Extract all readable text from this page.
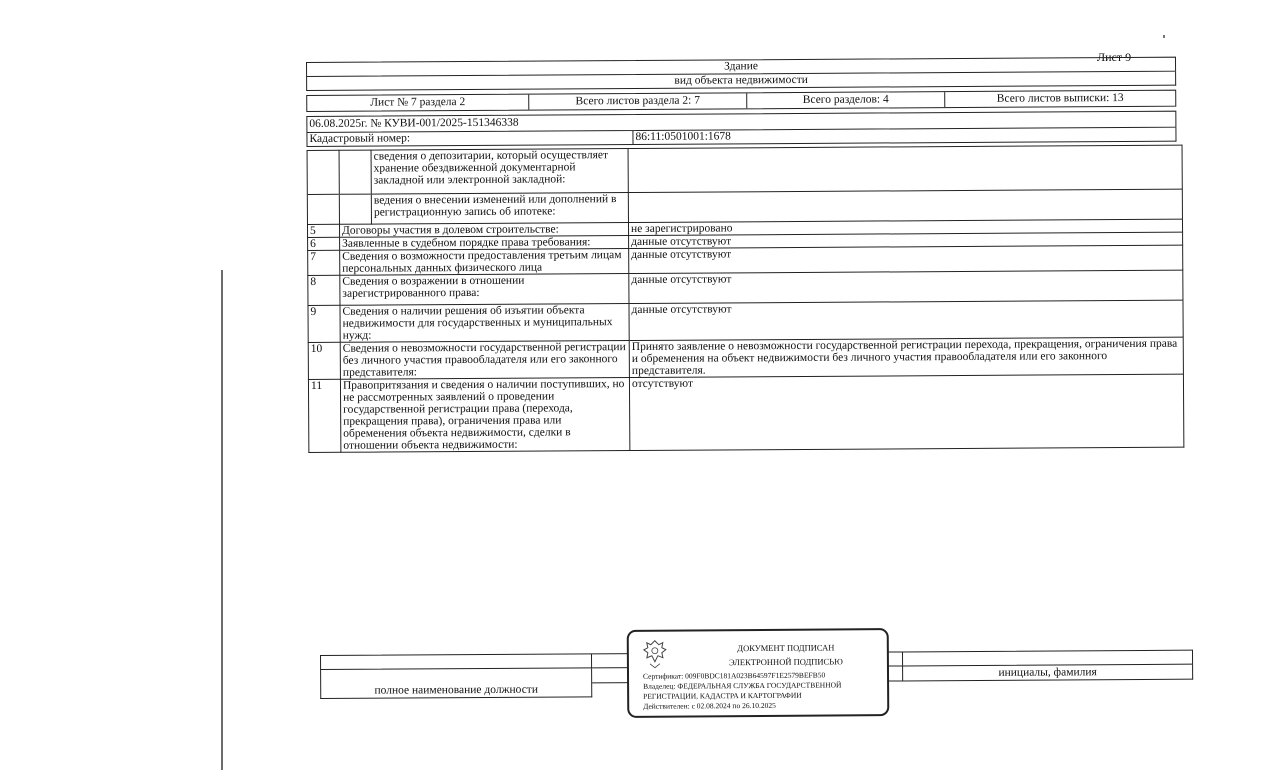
Лист 9
Здание
вид объекта недвижимости
Лист № 7 раздела 2	Всего листов раздела 2: 7	Всего разделов: 4	Всего листов выписки: 13
06.08.2025г. № КУВИ-001/2025-151346338
Кадастровый номер:	86:11:0501001:1678
		сведения о депозитарии, который осуществляет хранение обездвиженной документарной закладной или электронной закладной:	
		ведения о внесении изменений или дополнений в регистрационную запись об ипотеке:	
5	Договоры участия в долевом строительстве:		не зарегистрировано
6	Заявленные в судебном порядке права требования:		данные отсутствуют
7	Сведения о возможности предоставления третьим лицам персональных данных физического лица		данные отсутствуют
8	Сведения о возражении в отношении зарегистрированного права:		данные отсутствуют
9	Сведения о наличии решения об изъятии объекта недвижимости для государственных и муниципальных нужд:		данные отсутствуют
10	Сведения о невозможности государственной регистрации без личного участия правообладателя или его законного представителя:		Принято заявление о невозможности государственной регистрации перехода, прекращения, ограничения права и обременения на объект недвижимости без личного участия правообладателя или его законного представителя.
11	Правопритязания и сведения о наличии поступивших, но не рассмотренных заявлений о проведении государственной регистрации права (перехода, прекращения права), ограничения права или обременения объекта недвижимости, сделки в отношении объекта недвижимости:		отсутствуют
полное наименование должности
инициалы, фамилия
ДОКУМЕНТ ПОДПИСАН
ЭЛЕКТРОННОЙ ПОДПИСЬЮ
Сертификат: 009F0BDC181A023B64597F1E2579BEFB50
Владелец: ФЕДЕРАЛЬНАЯ СЛУЖБА ГОСУДАРСТВЕННОЙ
РЕГИСТРАЦИИ, КАДАСТРА И КАРТОГРАФИИ
Действителен: с 02.08.2024 по 26.10.2025
